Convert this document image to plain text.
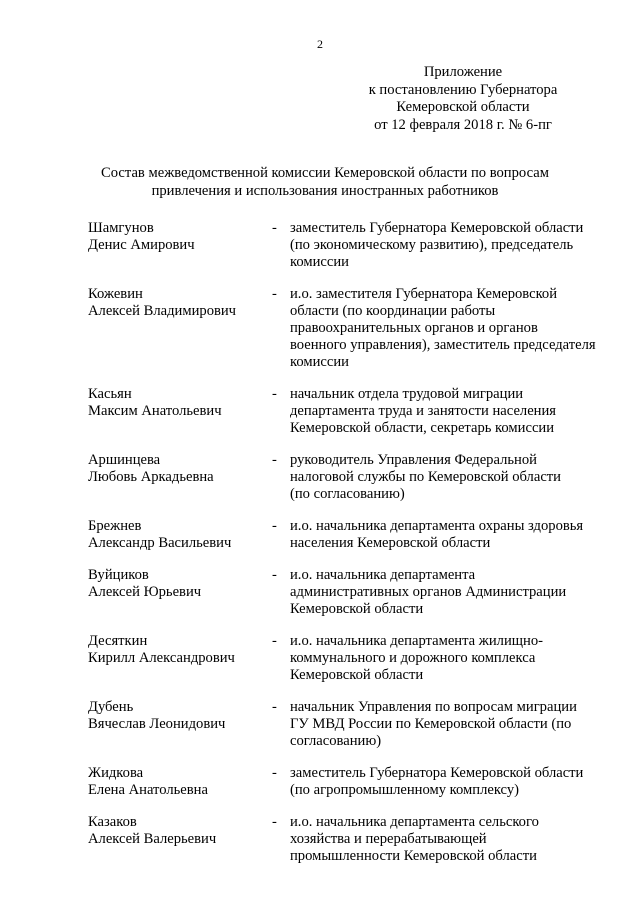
2
Приложение
к постановлению Губернатора
Кемеровской области
от 12 февраля 2018 г. № 6-пг
Состав межведомственной комиссии Кемеровской области по вопросам
привлечения и использования иностранных работников
Шамгунов
Денис Амирович
- заместитель Губернатора Кемеровской области
(по экономическому развитию), председатель
комиссии
Кожевин
Алексей Владимирович
- и.о. заместителя Губернатора Кемеровской
области (по координации работы
правоохранительных органов и органов
военного управления), заместитель председателя
комиссии
Касьян
Максим Анатольевич
- начальник отдела трудовой миграции
департамента труда и занятости населения
Кемеровской области, секретарь комиссии
Аршинцева
Любовь Аркадьевна
- руководитель Управления Федеральной
налоговой службы по Кемеровской области
(по согласованию)
Брежнев
Александр Васильевич
- и.о. начальника департамента охраны здоровья
населения Кемеровской области
Вуйциков
Алексей Юрьевич
- и.о. начальника департамента
административных органов Администрации
Кемеровской области
Десяткин
Кирилл Александрович
- и.о. начальника департамента жилищно-
коммунального и дорожного комплекса
Кемеровской области
Дубень
Вячеслав Леонидович
- начальник Управления по вопросам миграции
ГУ МВД России по Кемеровской области (по
согласованию)
Жидкова
Елена Анатольевна
- заместитель Губернатора Кемеровской области
(по агропромышленному комплексу)
Казаков
Алексей Валерьевич
- и.о. начальника департамента сельского
хозяйства и перерабатывающей
промышленности Кемеровской области
